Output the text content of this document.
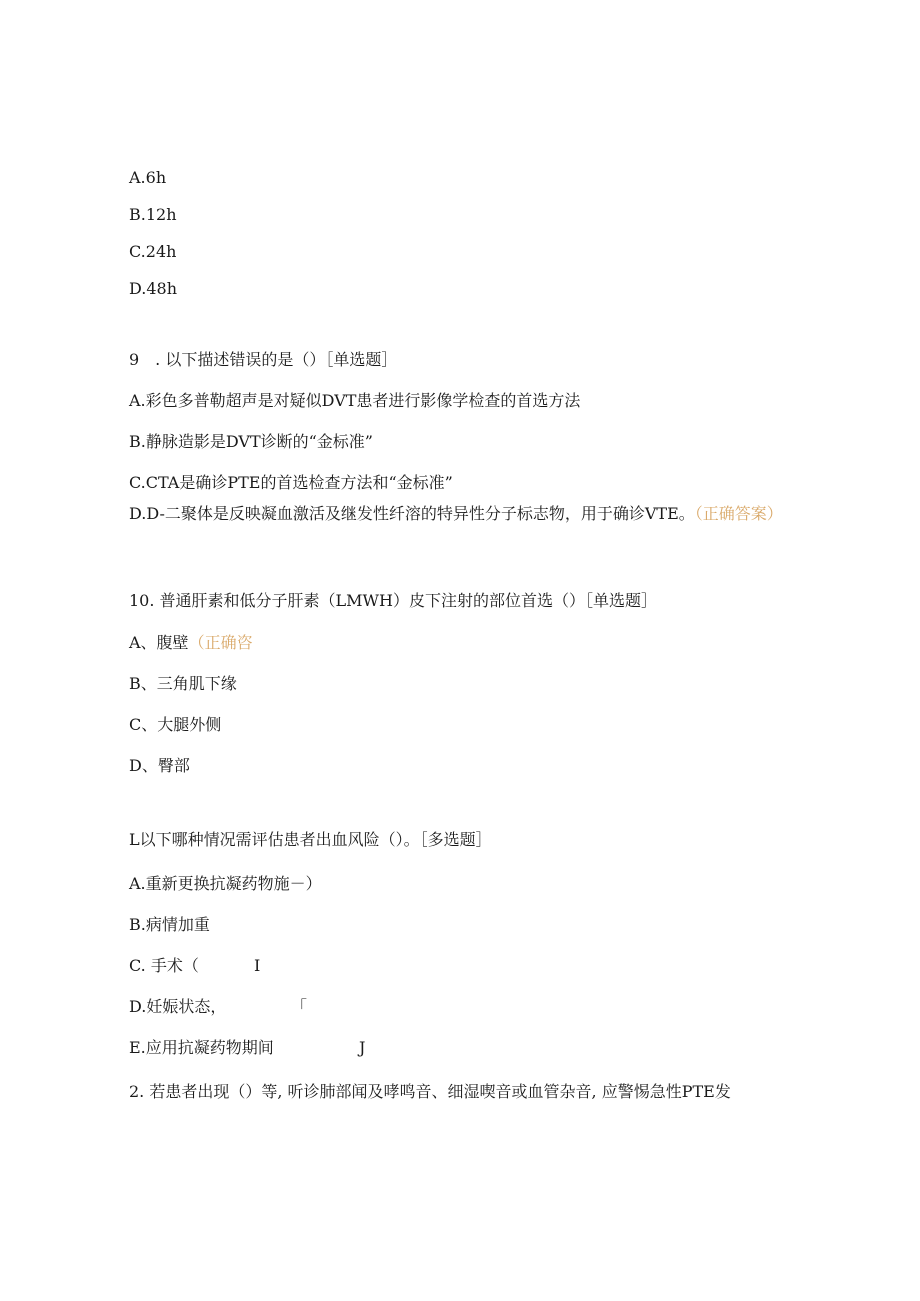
A.6h
B.12h
C.24h
D.48h
9　. 以下描述错误的是（）［单选题］
A.彩色多普勒超声是对疑似DVT患者进行影像学检查的首选方法
B.静脉造影是DVT诊断的“金标准”
C.CTA是确诊PTE的首选检查方法和“金标准”
D.D-二聚体是反映凝血激活及继发性纤溶的特异性分子标志物，用于确诊VTE。（正确答案）
10. 普通肝素和低分子肝素（LMWH）皮下注射的部位首选（）［单选题］
A、腹壁（正确咨
B、三角肌下缘
C、大腿外侧
D、臀部
L以下哪种情况需评估患者出血风险（）。［多选题］
A.重新更换抗凝药物施－）
B.病情加重
C. 手术（	I
D.妊娠状态，	「
E.应用抗凝药物期间	J
2. 若患者出现（）等, 听诊肺部闻及哮鸣音、细湿喫音或血管杂音, 应警惕急性PTE发
